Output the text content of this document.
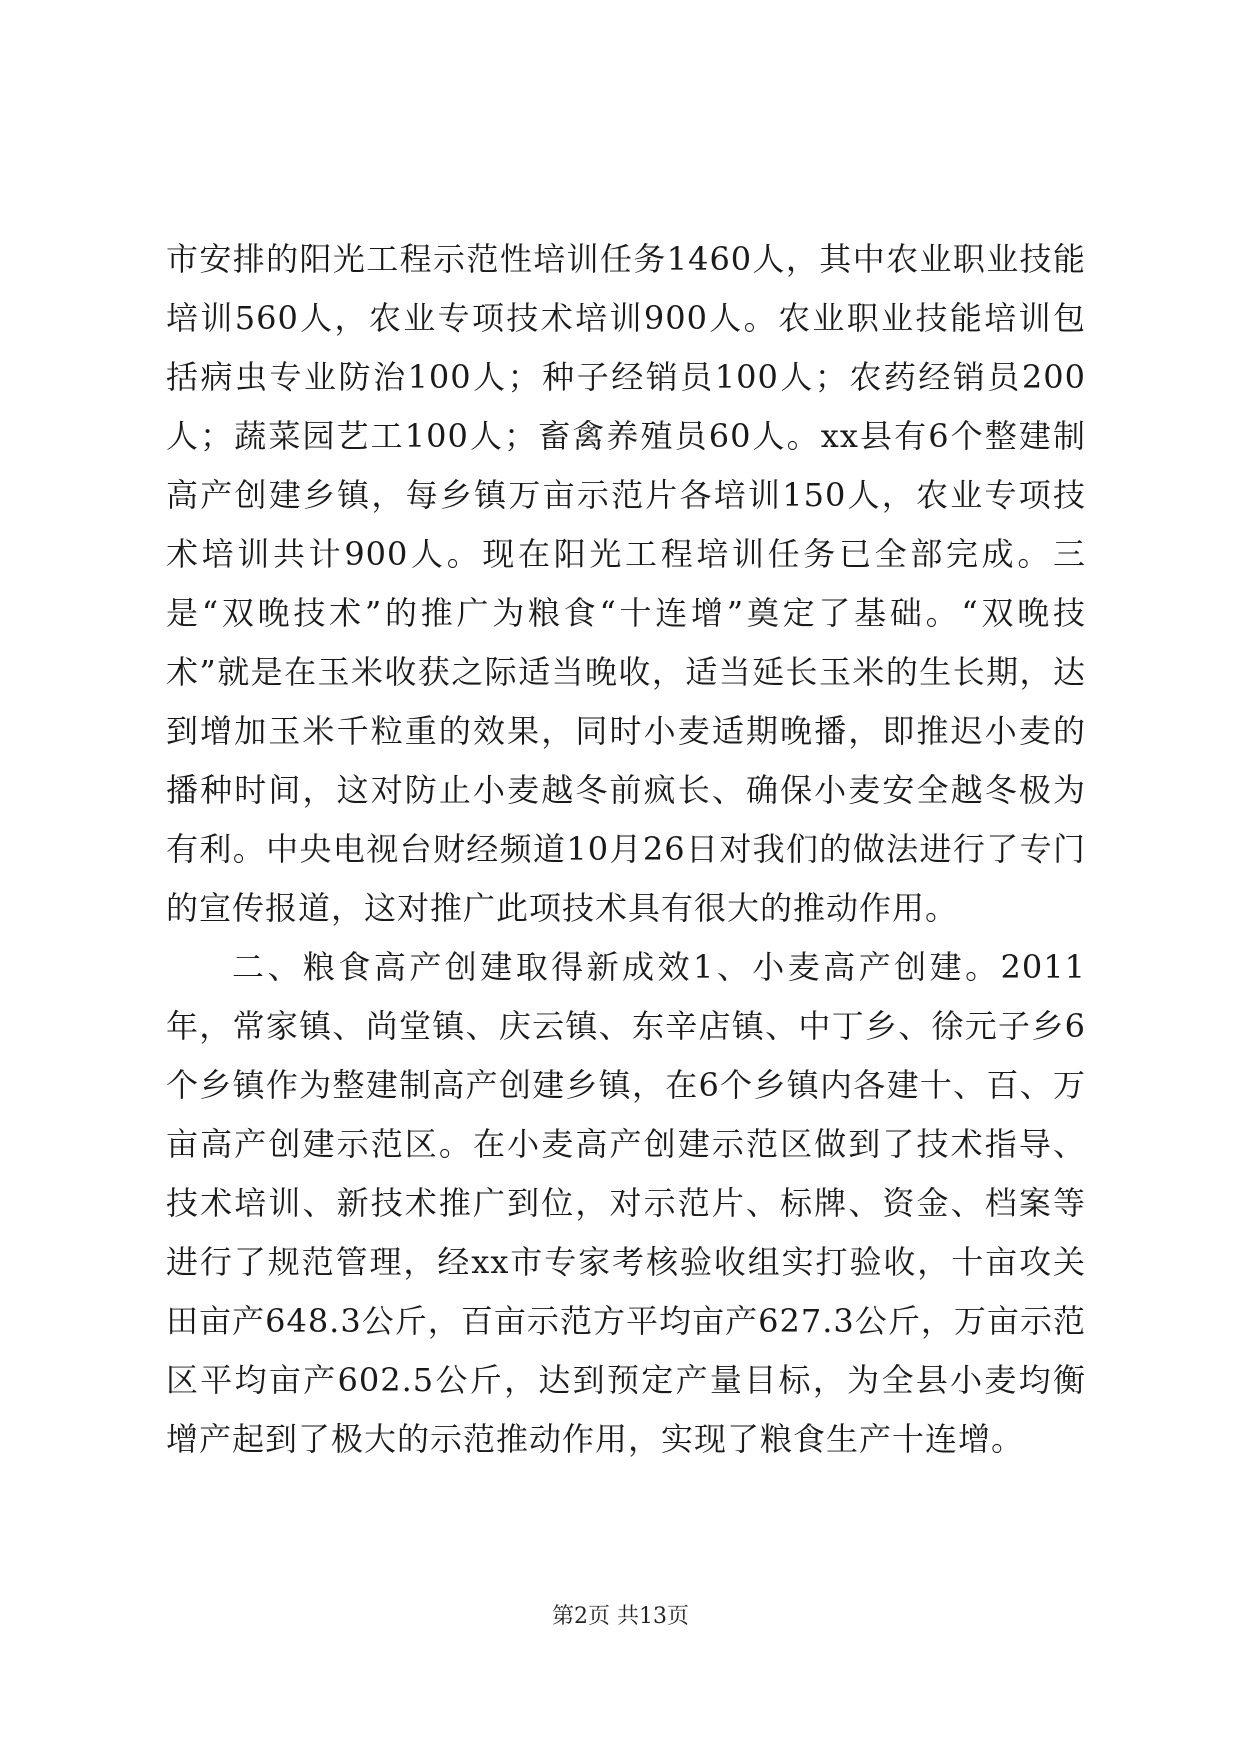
市安排的阳光工程示范性培训任务1460人，其中农业职业技能培训560人，农业专项技术培训900人。农业职业技能培训包括病虫专业防治100人；种子经销员100人；农药经销员200人；蔬菜园艺工100人；畜禽养殖员60人。xx县有6个整建制高产创建乡镇，每乡镇万亩示范片各培训150人，农业专项技术培训共计900人。现在阳光工程培训任务已全部完成。三是“双晚技术”的推广为粮食“十连增”奠定了基础。“双晚技术”就是在玉米收获之际适当晚收，适当延长玉米的生长期，达到增加玉米千粒重的效果，同时小麦适期晚播，即推迟小麦的播种时间，这对防止小麦越冬前疯长、确保小麦安全越冬极为有利。中央电视台财经频道10月26日对我们的做法进行了专门的宣传报道，这对推广此项技术具有很大的推动作用。

二、粮食高产创建取得新成效1、小麦高产创建。2011年，常家镇、尚堂镇、庆云镇、东辛店镇、中丁乡、徐元子乡6个乡镇作为整建制高产创建乡镇，在6个乡镇内各建十、百、万亩高产创建示范区。在小麦高产创建示范区做到了技术指导、技术培训、新技术推广到位，对示范片、标牌、资金、档案等进行了规范管理，经xx市专家考核验收组实打验收，十亩攻关田亩产648.3公斤，百亩示范方平均亩产627.3公斤，万亩示范区平均亩产602.5公斤，达到预定产量目标，为全县小麦均衡增产起到了极大的示范推动作用，实现了粮食生产十连增。

第2页 共13页
